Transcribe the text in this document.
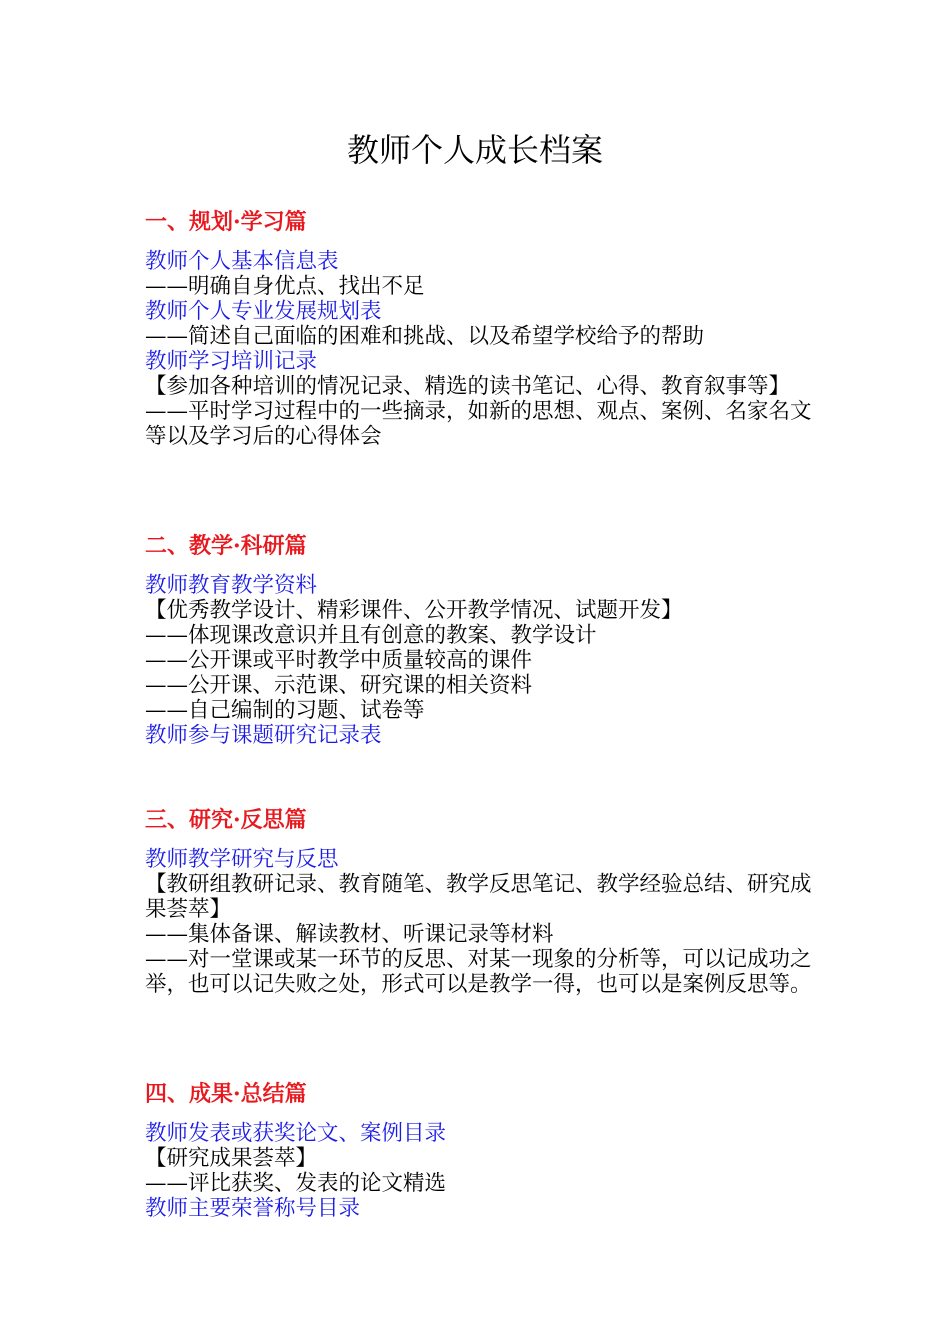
教师个人成长档案
一、规划·学习篇

教师个人基本信息表

——明确自身优点、找出不足

教师个人专业发展规划表

——简述自己面临的困难和挑战、以及希望学校给予的帮助

教师学习培训记录

【参加各种培训的情况记录、精选的读书笔记、心得、教育叙事等】

——平时学习过程中的一些摘录，如新的思想、观点、案例、名家名文等以及学习后的心得体会

二、教学·科研篇

教师教育教学资料

【优秀教学设计、精彩课件、公开教学情况、试题开发】

——体现课改意识并且有创意的教案、教学设计

——公开课或平时教学中质量较高的课件

——公开课、示范课、研究课的相关资料

——自己编制的习题、试卷等

教师参与课题研究记录表

三、研究·反思篇

教师教学研究与反思

【教研组教研记录、教育随笔、教学反思笔记、教学经验总结、研究成果荟萃】

——集体备课、解读教材、听课记录等材料

——对一堂课或某一环节的反思、对某一现象的分析等，可以记成功之举，也可以记失败之处，形式可以是教学一得，也可以是案例反思等。

四、成果·总结篇

教师发表或获奖论文、案例目录

【研究成果荟萃】

——评比获奖、发表的论文精选

教师主要荣誉称号目录
